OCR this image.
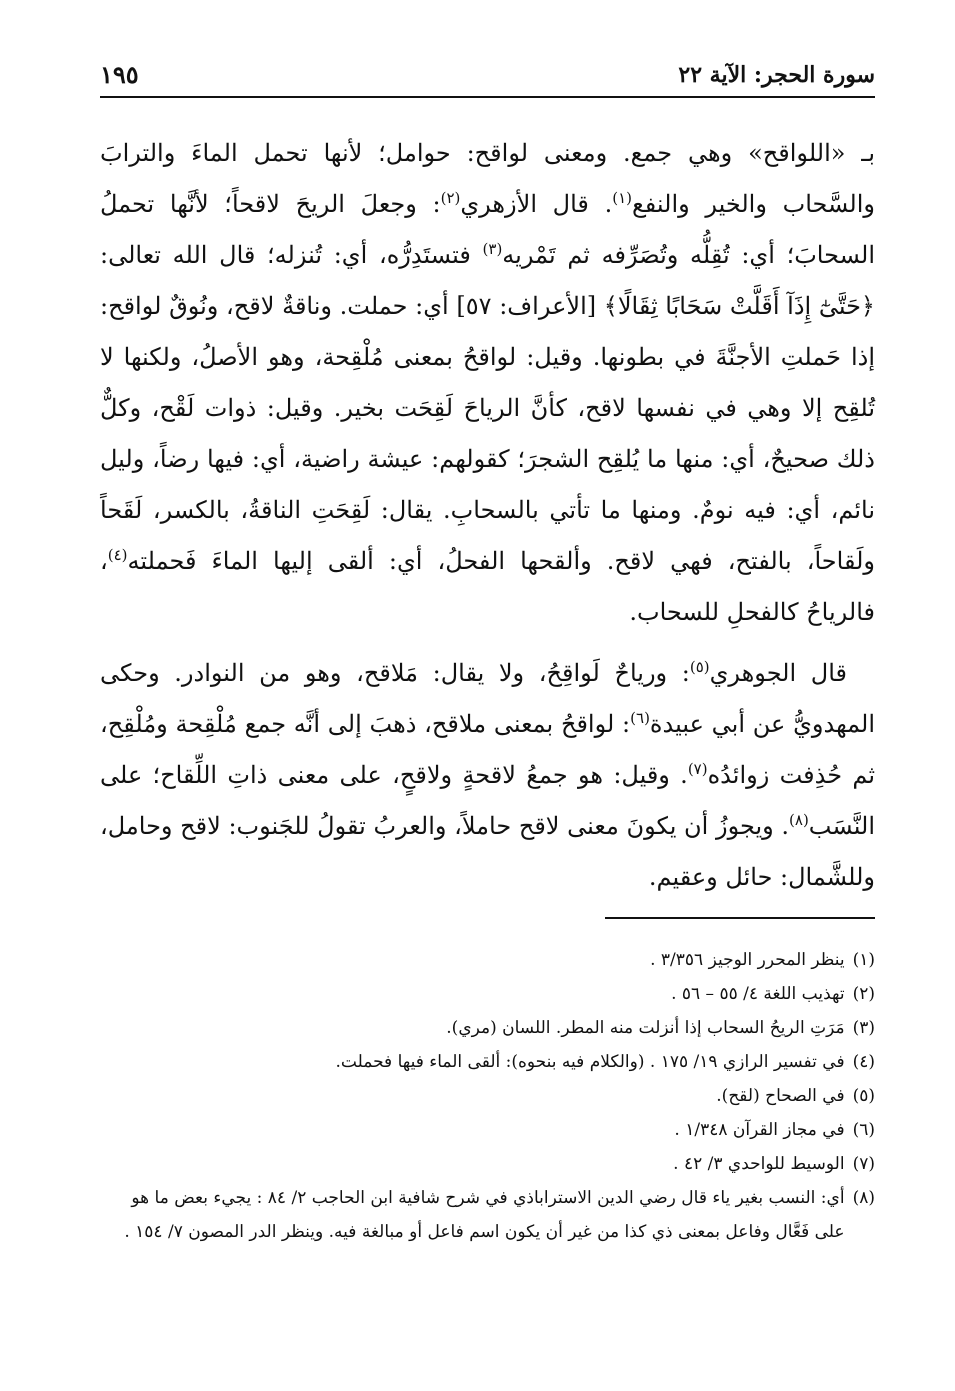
سورة الحجر: الآية ٢٢
١٩٥

بـ «اللواقح» وهي جمع. ومعنى لواقح: حوامل؛ لأنها تحمل الماءَ والترابَ والسَّحاب والخير والنفع$^{(١)}$. قال الأزهري$^{(٢)}$: وجعلَ الريحَ لاقحاً؛ لأنَّها تحملُ السحابَ؛ أي: تُقِلُّه وتُصَرِّفه ثم تَمْريه$^{(٣)}$ فتستَدِرُّه، أي: تُنزله؛ قال الله تعالى: ﴿حَتَّىٰٓ إِذَآ أَقَلَّتْ سَحَابًا ثِقَالًا﴾ [الأعراف: ٥٧] أي: حملت. وناقةٌ لاقح، ونُوقٌ لواقح: إذا حَملتِ الأجنَّةَ في بطونها. وقيل: لواقحُ بمعنى مُلْقِحة، وهو الأصلُ، ولكنها لا تُلقِح إلا وهي في نفسها لاقح، كأنَّ الرياحَ لَقِحَت بخير. وقيل: ذوات لَقْح، وكلٌّ ذلك صحيحٌ، أي: منها ما يُلقِح الشجرَ؛ كقولهم: عيشة راضية، أي: فيها رضاً، وليل نائم، أي: فيه نومٌ. ومنها ما تأتي بالسحابِ. يقال: لَقِحَتِ الناقةُ، بالكسر، لَقَحاً ولَقاحاً، بالفتح، فهي لاقح. وألقحها الفحلُ، أي: ألقى إليها الماءَ فَحملته$^{(٤)}$، فالرياحُ كالفحلِ للسحاب.

قال الجوهري$^{(٥)}$: ورياحٌ لَواقِحُ، ولا يقال: مَلاقح، وهو من النوادر. وحكى المهدويُّ عن أبي عبيدة$^{(٦)}$: لواقحُ بمعنى ملاقح، ذهبَ إلى أنَّه جمع مُلْقِحة ومُلْقِح، ثم حُذِفت زوائدُه$^{(٧)}$. وقيل: هو جمعُ لاقحةٍ ولاقحٍ، على معنى ذاتِ اللِّقاح؛ على النَّسَب$^{(٨)}$. ويجوزُ أن يكونَ معنى لاقح حاملاً، والعربُ تقولُ للجَنوب: لاقح وحامل، وللشَّمال: حائل وعقيم.

(١)
ينظر المحرر الوجيز ٣/٣٥٦ .
(٢)
تهذيب اللغة ٤/ ٥٥ – ٥٦ .
(٣)
مَرَتِ الريحُ السحاب إذا أنزلت منه المطر. اللسان (مري).
(٤)
في تفسير الرازي ١٩/ ١٧٥ . (والكلام فيه بنحوه): ألقى الماء فيها فحملت.
(٥)
في الصحاح (لقح).
(٦)
في مجاز القرآن ١/٣٤٨ .
(٧)
الوسيط للواحدي ٣/ ٤٢ .
(٨)
أي: النسب بغير ياء قال رضي الدين الاستراباذي في شرح شافية ابن الحاجب ٢/ ٨٤ : يجيء بعض ما هو على فَعَّال وفاعل بمعنى ذي كذا من غير أن يكون اسم فاعل أو مبالغة فيه. وينظر الدر المصون ٧/ ١٥٤ .
